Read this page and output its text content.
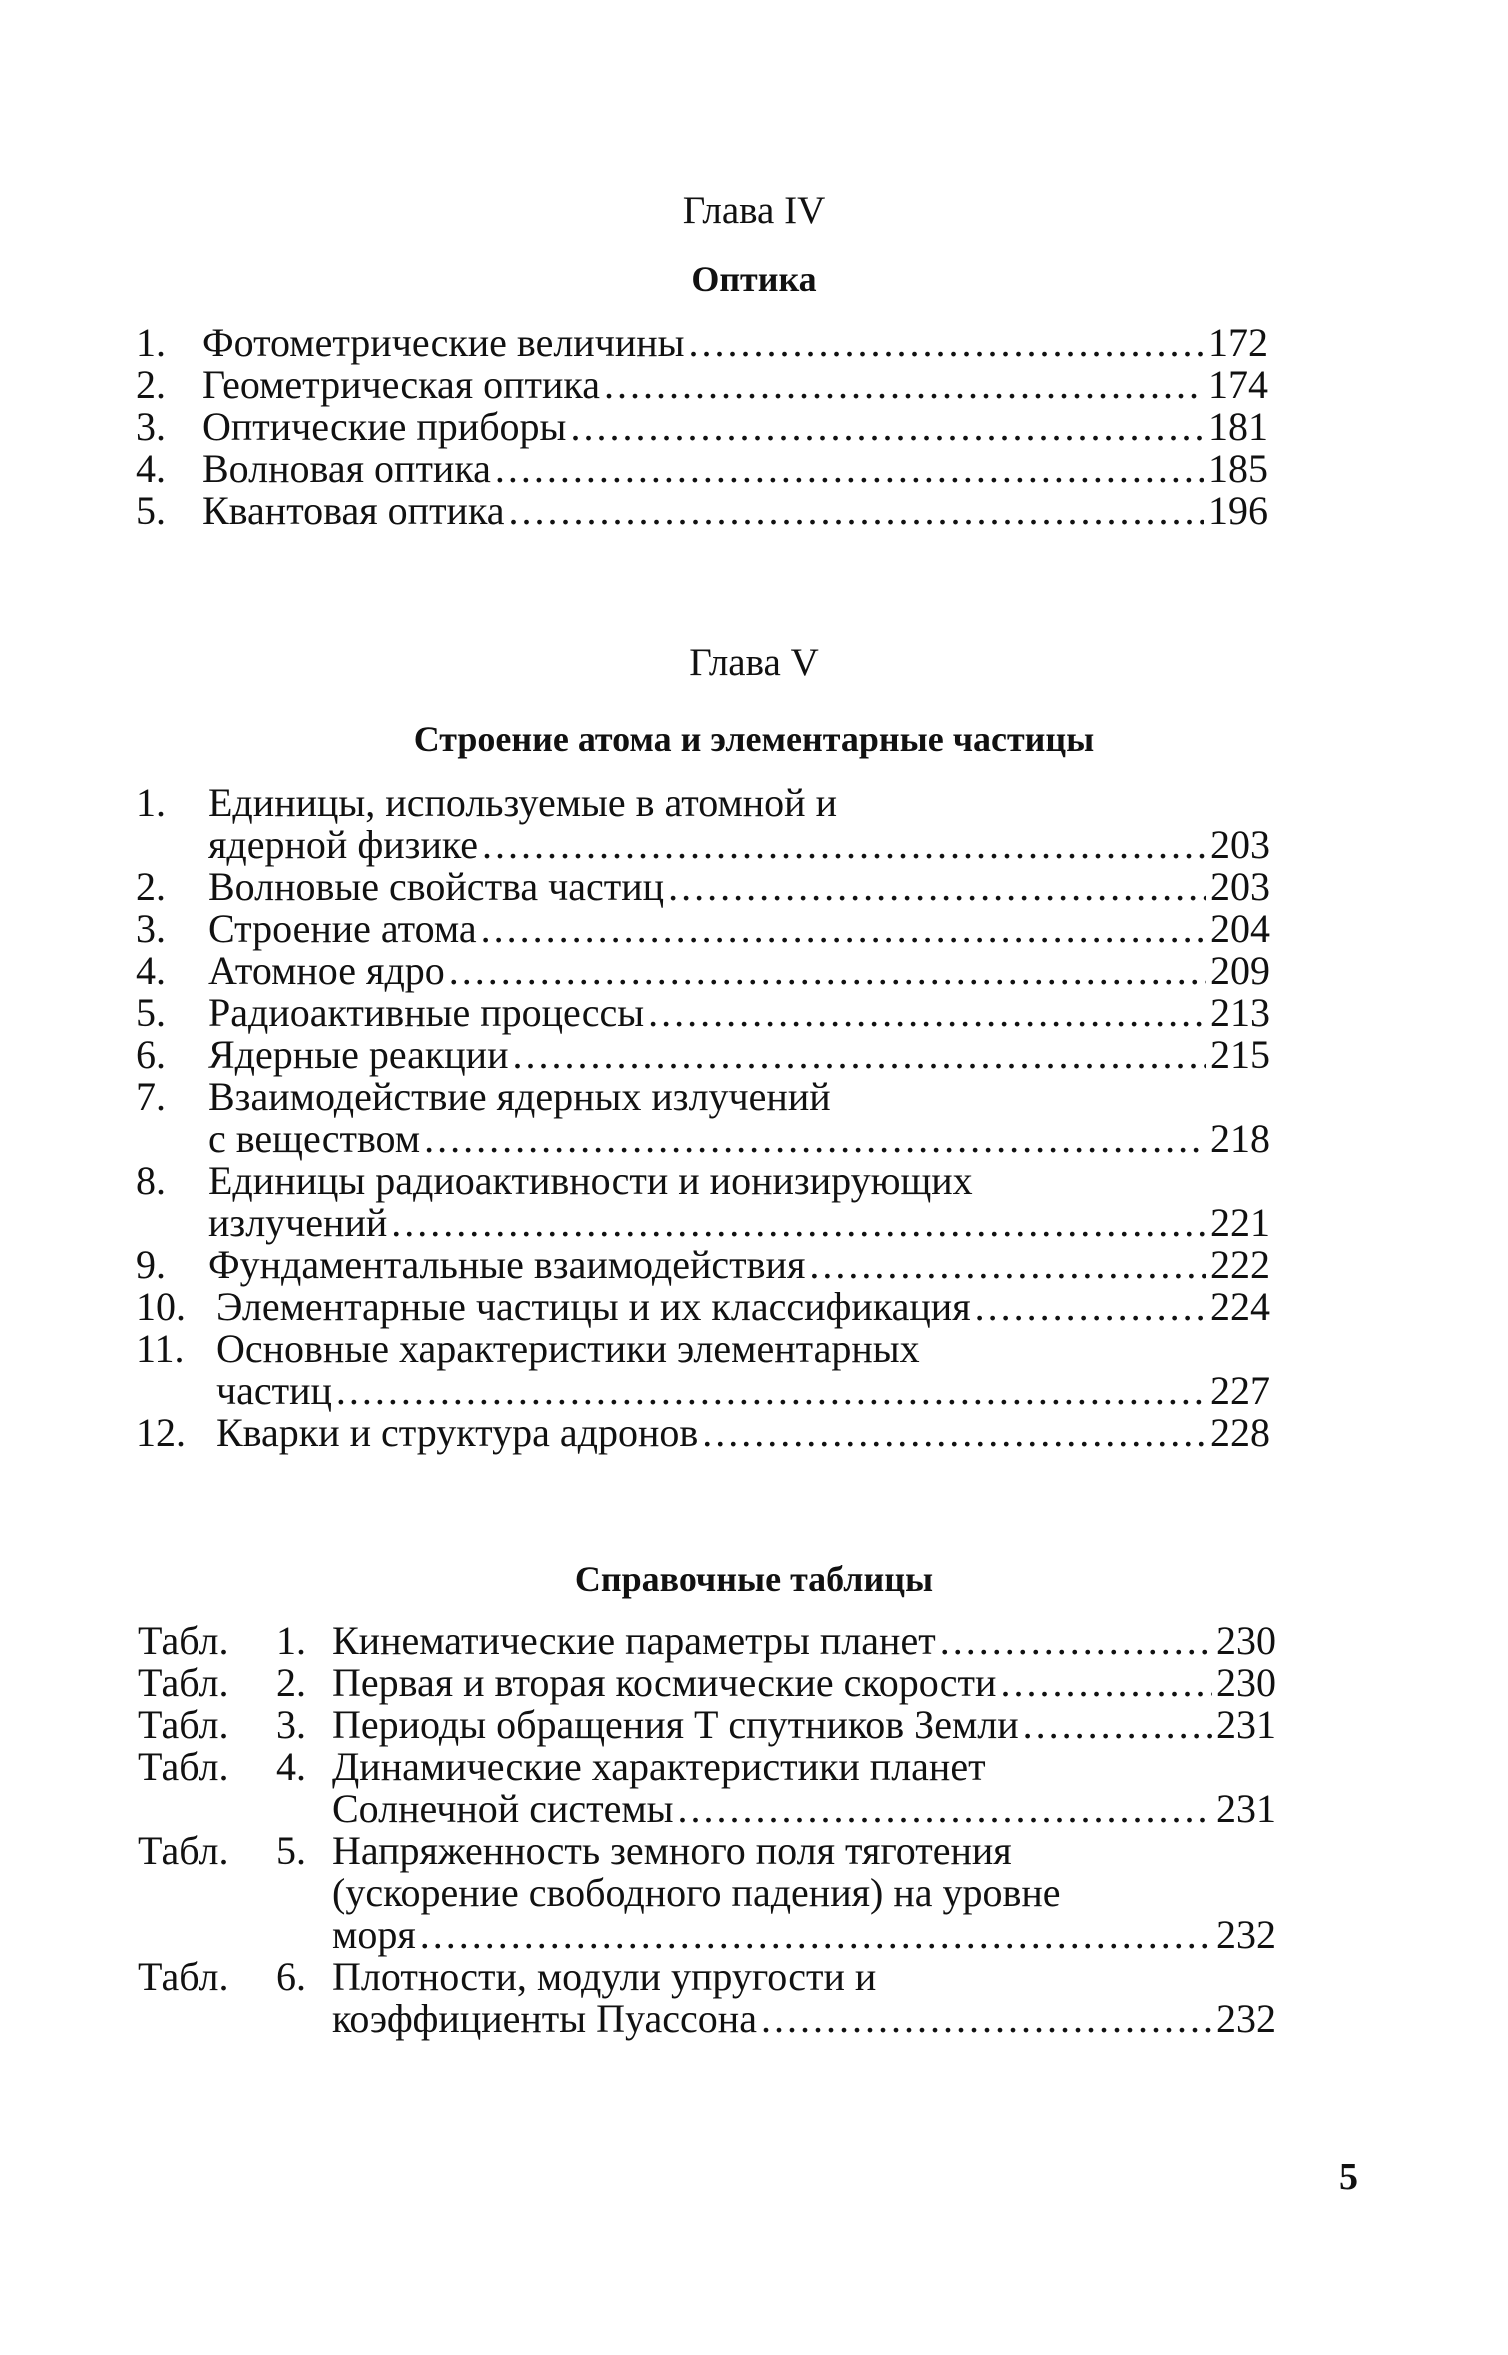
Глава IV
Оптика
1. Фотометрические величины .....	172
2. Геометрическая оптика .....	174
3. Оптические приборы .....	181
4. Волновая оптика .....	185
5. Квантовая оптика .....	196
Глава V
Строение атома и элементарные частицы
1. Единицы, используемые в атомной и
ядерной физике .....	203
2.	Волновые свойства частиц .....	203
3.	Строение атома .....	204
4.	Атомное ядро .....	209
5.	Радиоактивные процессы .....	213
6.	Ядерные реакции .....	215
7. Взаимодействие ядерных излучений
с веществом .....	218
8. Единицы радиоактивности и ионизирующих
излучений .....	221
9.	Фундаментальные взаимодействия .....	222
10. Элементарные частицы и их классификация .....	224
11. Основные характеристики элементарных
частиц .....	227
12. Кварки и структура адронов .....	228
Справочные таблицы
Табл.	1. Кинематические параметры планет .....	230
Табл.	2. Первая и вторая космические скорости .....	230
Табл.	3. Периоды обращения Т спутников Земли .....	231
Табл. 4. Динамические характеристики планет
Солнечной системы .....	231
Табл. 5. Напряженность земного поля тяготения
(ускорение свободного падения) на уровне
моря .....	232
Табл. 6. Плотности, модули упругости и
коэффициенты Пуассона .....	232
5
